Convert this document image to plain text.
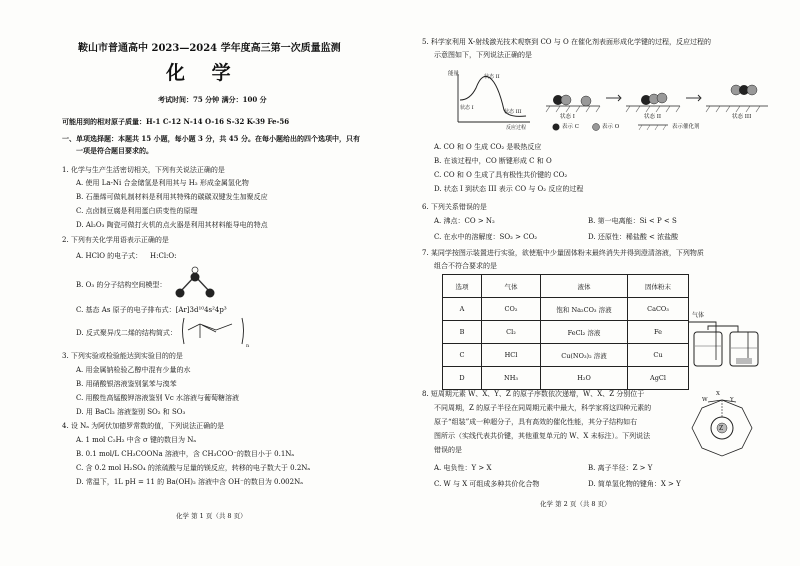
鞍山市普通高中 2023—2024 学年度高三第一次质量监测
化 学
考试时间：75 分钟 满分：100 分
可能用到的相对原子质量：H-1 C-12 N-14 O-16 S-32 K-39 Fe-56
一、单项选择题：本题共 15 小题，每小题 3 分，共 45 分。在每小题给出的四个选项中，只有
一项是符合题目要求的。
1. 化学与生产生活密切相关，下列有关说法正确的是
A. 使用 La-Ni 合金储氢是利用其与 H₂ 形成金属氢化物
B. 石墨烯可做轧制材料是利用其特殊的碳碳双键发生加聚反应
C. 点卤制豆腐是利用蛋白质变性的原理
D. Al₂O₃ 陶瓷可做打火机的点火器是利用其材料能导电的特点
2. 下列有关化学用语表示正确的是
A. HClO 的电子式： H:Cl:O:
B. O₃ 的分子结构空间模型：
C. 基态 As 原子的电子排布式：[Ar]3d¹⁰4s²4p³
D. 反式聚异戊二烯的结构简式：
n
3. 下列实验或检验能达到实验目的的是
A. 用金属钠检验乙醇中混有少量的水
B. 用硝酸银溶液鉴别氯苯与溴苯
C. 用酸性高锰酸钾溶液鉴别 Vc 水溶液与葡萄糖溶液
D. 用 BaCl₂ 溶液鉴别 SO₂ 和 SO₃
4. 设 Nₐ 为阿伏加德罗常数的值，下列说法正确的是
A. 1 mol C₂H₂ 中含 σ 键的数目为 Nₐ
B. 0.1 mol/L CH₃COONa 溶液中，含 CH₃COO⁻的数目小于 0.1Nₐ
C. 含 0.2 mol H₂SO₄ 的浓硫酸与足量的镁反应，转移的电子数大于 0.2Nₐ
D. 常温下，1L pH = 11 的 Ba(OH)₂ 溶液中含 OH⁻的数目为 0.002Nₐ
化学 第 1 页（共 8 页）
5. 科学家利用 X-射线激光技术观察到 CO 与 O 在催化剂表面形成化学键的过程，反应过程的
示意图如下，下列说法正确的是
能量	状态 II
状态 I
状态 III
反应过程
状态 I	状态 II	状态 III
表示 C	表示 O	表示催化剂
A. CO 和 O 生成 CO₂ 是吸热反应
B. 在该过程中，CO 断键形成 C 和 O
C. CO 和 O 生成了具有极性共价键的 CO₂
D. 状态 I 到状态 III 表示 CO 与 O₂ 反应的过程
6. 下列关系错误的是
A. 沸点：CO > N₂	B. 第一电离能：Si < P < S
C. 在水中的溶解度：SO₂ > CO₂	D. 还原性：稀盐酸 < 浓盐酸
7. 某同学按图示装置进行实验，欲使瓶中少量固体粉末最终消失并得到澄清溶液，下列物质
组合不符合要求的是
选项	气体	液体	固体粉末
A	CO₂	饱和 Na₂CO₃ 溶液	CaCO₃
B	Cl₂	FeCl₂ 溶液	Fe
C	HCl	Cu(NO₃)₂ 溶液	Cu
D	NH₃	H₂O	AgCl
气体
8. 短周期元素 W、X、Y、Z 的原子序数依次递增，W、X、Z 分别位于
不同周期，Z 的原子半径在同周期元素中最大，科学家将这四种元素的
原子“组装”成一种超分子，具有高效的催化性能，其分子结构如右
图所示（实线代表共价键，其他重复单元的 W、X 未标注）。下列说法
错误的是
Z
W
X
Y
A. 电负性：Y > X	B. 离子半径：Z > Y
C. W 与 X 可组成多种共价化合物	D. 简单氢化物的键角：X > Y
化学 第 2 页（共 8 页）
